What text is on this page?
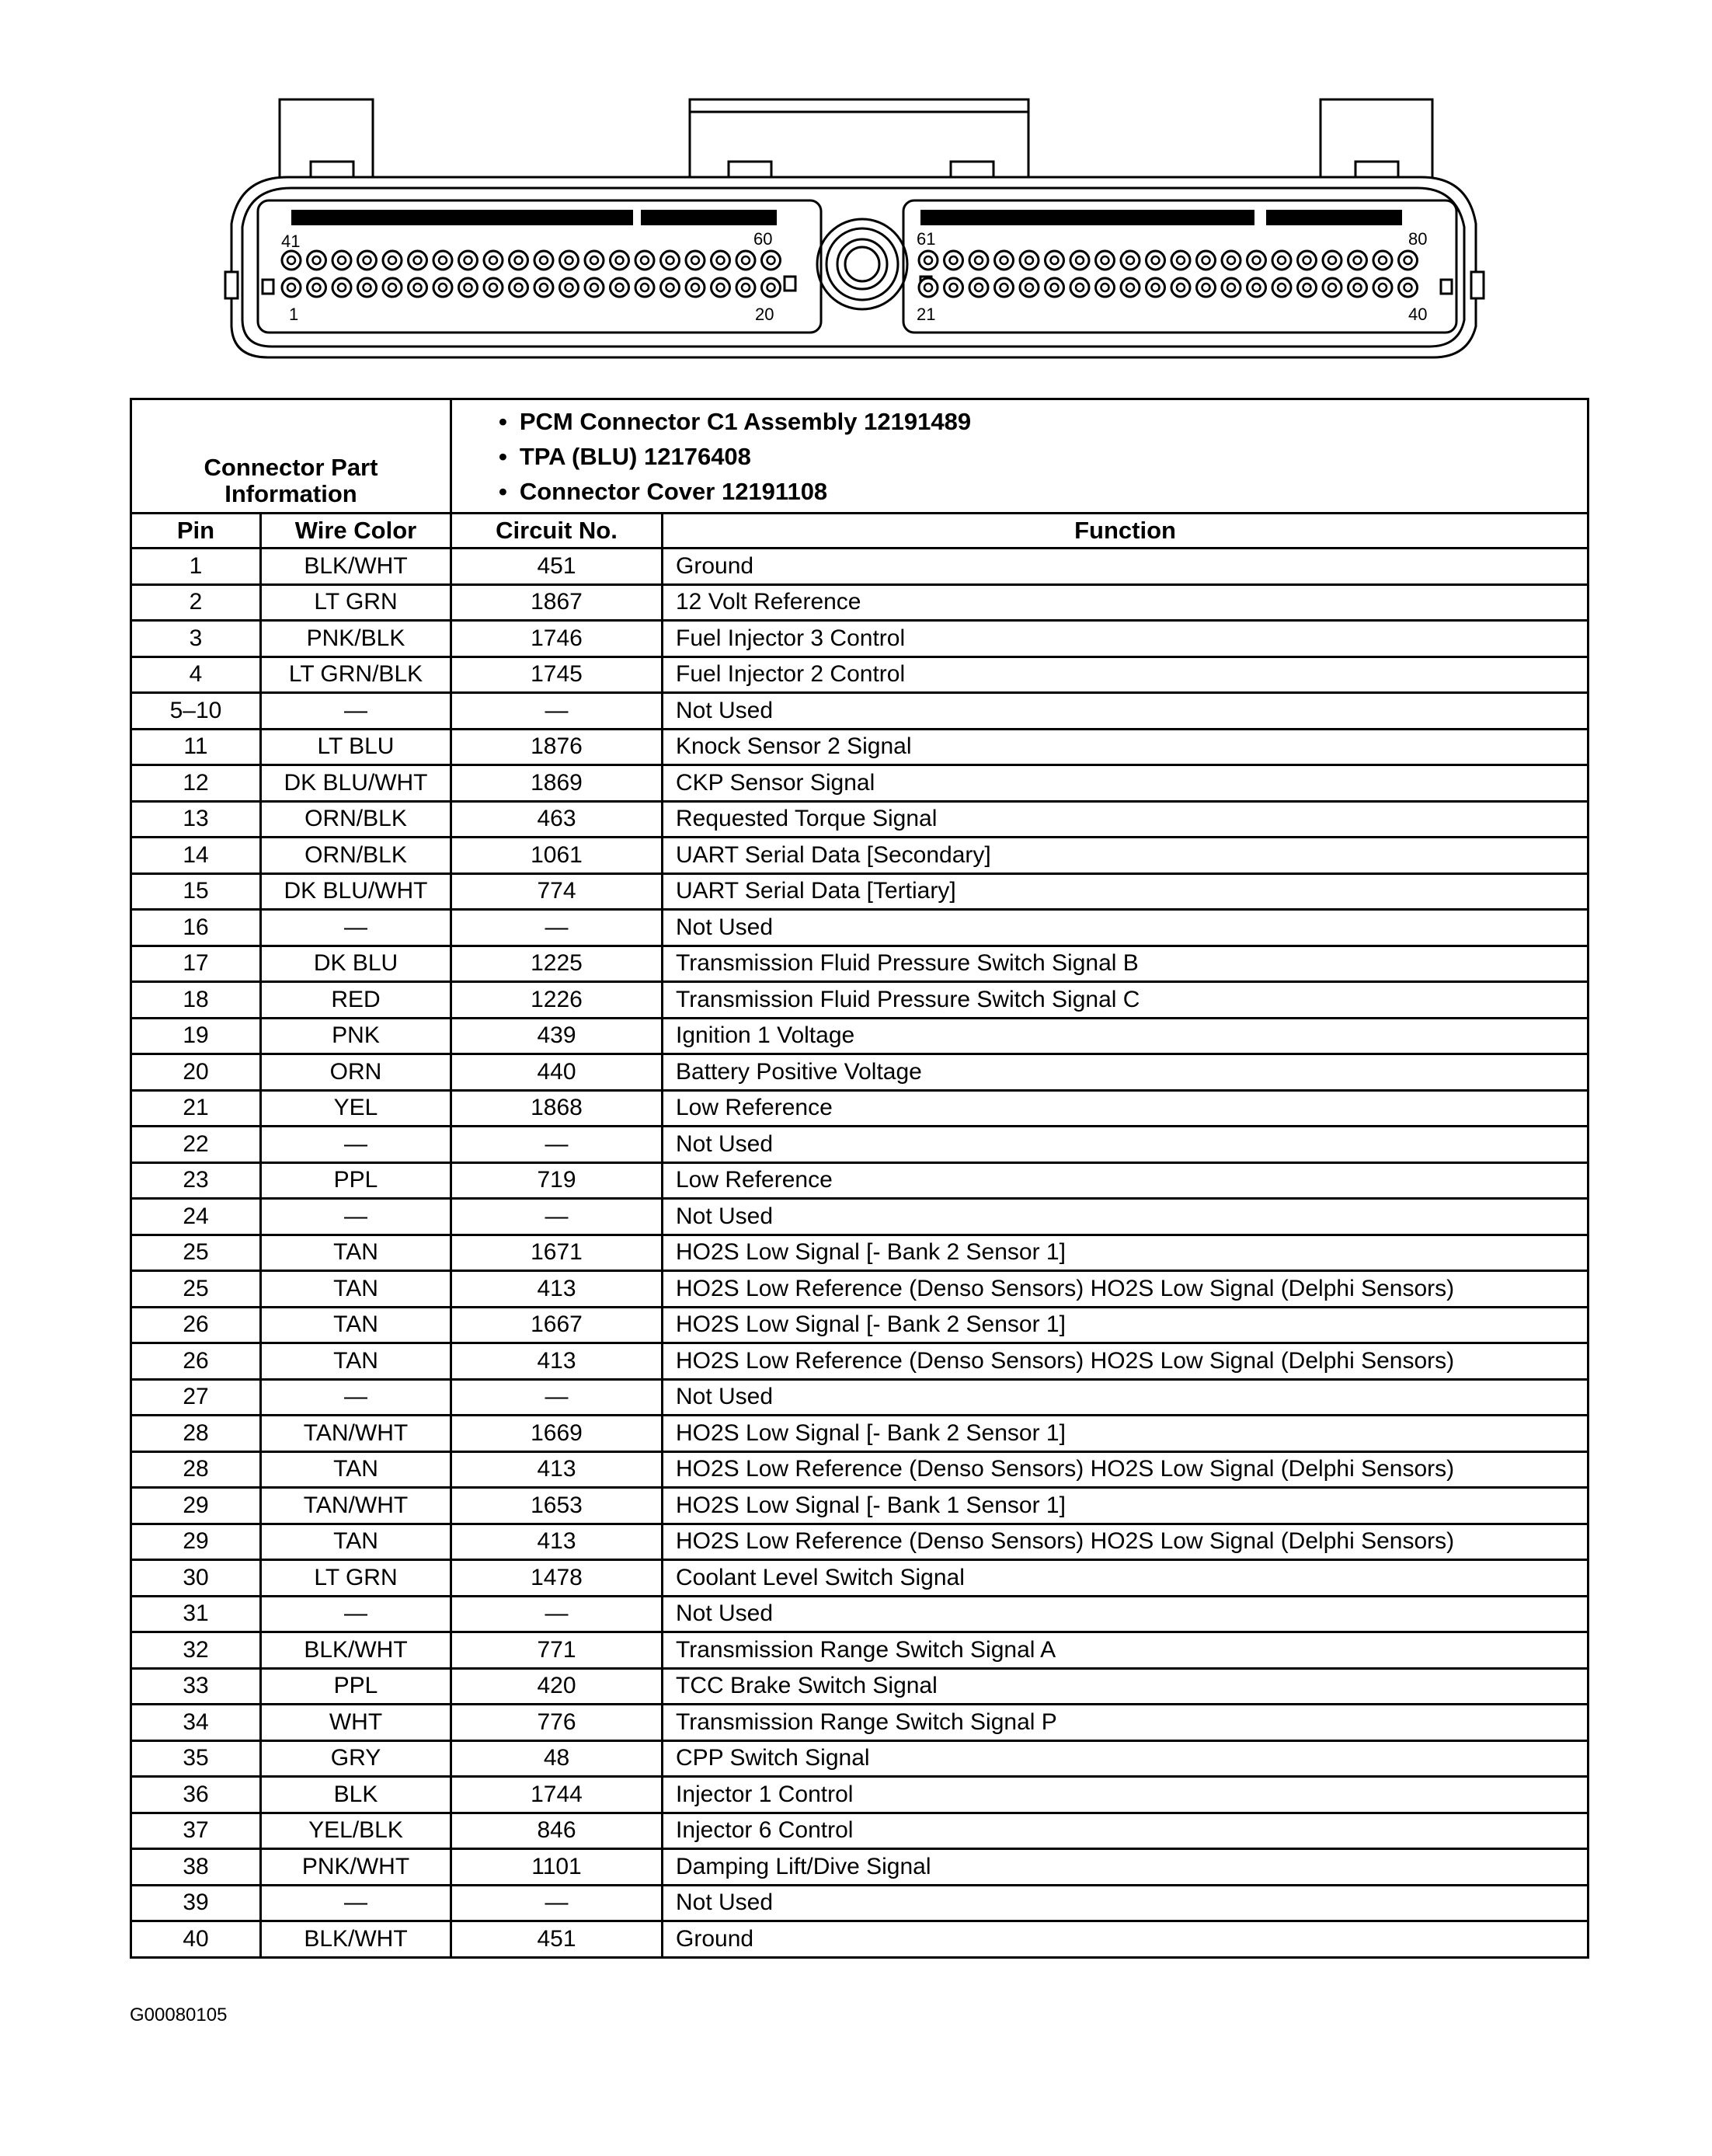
41	60	61	80
1	20	21	40
Connector Part Information		• PCM Connector C1 Assembly 12191489
• TPA (BLU) 12176408
• Connector Cover 12191108

Pin	Wire Color	Circuit No.	Function
1	BLK/WHT	451	Ground
2	LT GRN	1867	12 Volt Reference
3	PNK/BLK	1746	Fuel Injector 3 Control
4	LT GRN/BLK	1745	Fuel Injector 2 Control
5–10	—	—	Not Used
11	LT BLU	1876	Knock Sensor 2 Signal
12	DK BLU/WHT	1869	CKP Sensor Signal
13	ORN/BLK	463	Requested Torque Signal
14	ORN/BLK	1061	UART Serial Data [Secondary]
15	DK BLU/WHT	774	UART Serial Data [Tertiary]
16	—	—	Not Used
17	DK BLU	1225	Transmission Fluid Pressure Switch Signal B
18	RED	1226	Transmission Fluid Pressure Switch Signal C
19	PNK	439	Ignition 1 Voltage
20	ORN	440	Battery Positive Voltage
21	YEL	1868	Low Reference
22	—	—	Not Used
23	PPL	719	Low Reference
24	—	—	Not Used
25	TAN	1671	HO2S Low Signal [- Bank 2 Sensor 1]
25	TAN	413	HO2S Low Reference (Denso Sensors) HO2S Low Signal (Delphi Sensors)
26	TAN	1667	HO2S Low Signal [- Bank 2 Sensor 1]
26	TAN	413	HO2S Low Reference (Denso Sensors) HO2S Low Signal (Delphi Sensors)
27	—	—	Not Used
28	TAN/WHT	1669	HO2S Low Signal [- Bank 2 Sensor 1]
28	TAN	413	HO2S Low Reference (Denso Sensors) HO2S Low Signal (Delphi Sensors)
29	TAN/WHT	1653	HO2S Low Signal [- Bank 1 Sensor 1]
29	TAN	413	HO2S Low Reference (Denso Sensors) HO2S Low Signal (Delphi Sensors)
30	LT GRN	1478	Coolant Level Switch Signal
31	—	—	Not Used
32	BLK/WHT	771	Transmission Range Switch Signal A
33	PPL	420	TCC Brake Switch Signal
34	WHT	776	Transmission Range Switch Signal P
35	GRY	48	CPP Switch Signal
36	BLK	1744	Injector 1 Control
37	YEL/BLK	846	Injector 6 Control
38	PNK/WHT	1101	Damping Lift/Dive Signal
39	—	—	Not Used
40	BLK/WHT	451	Ground
G00080105
